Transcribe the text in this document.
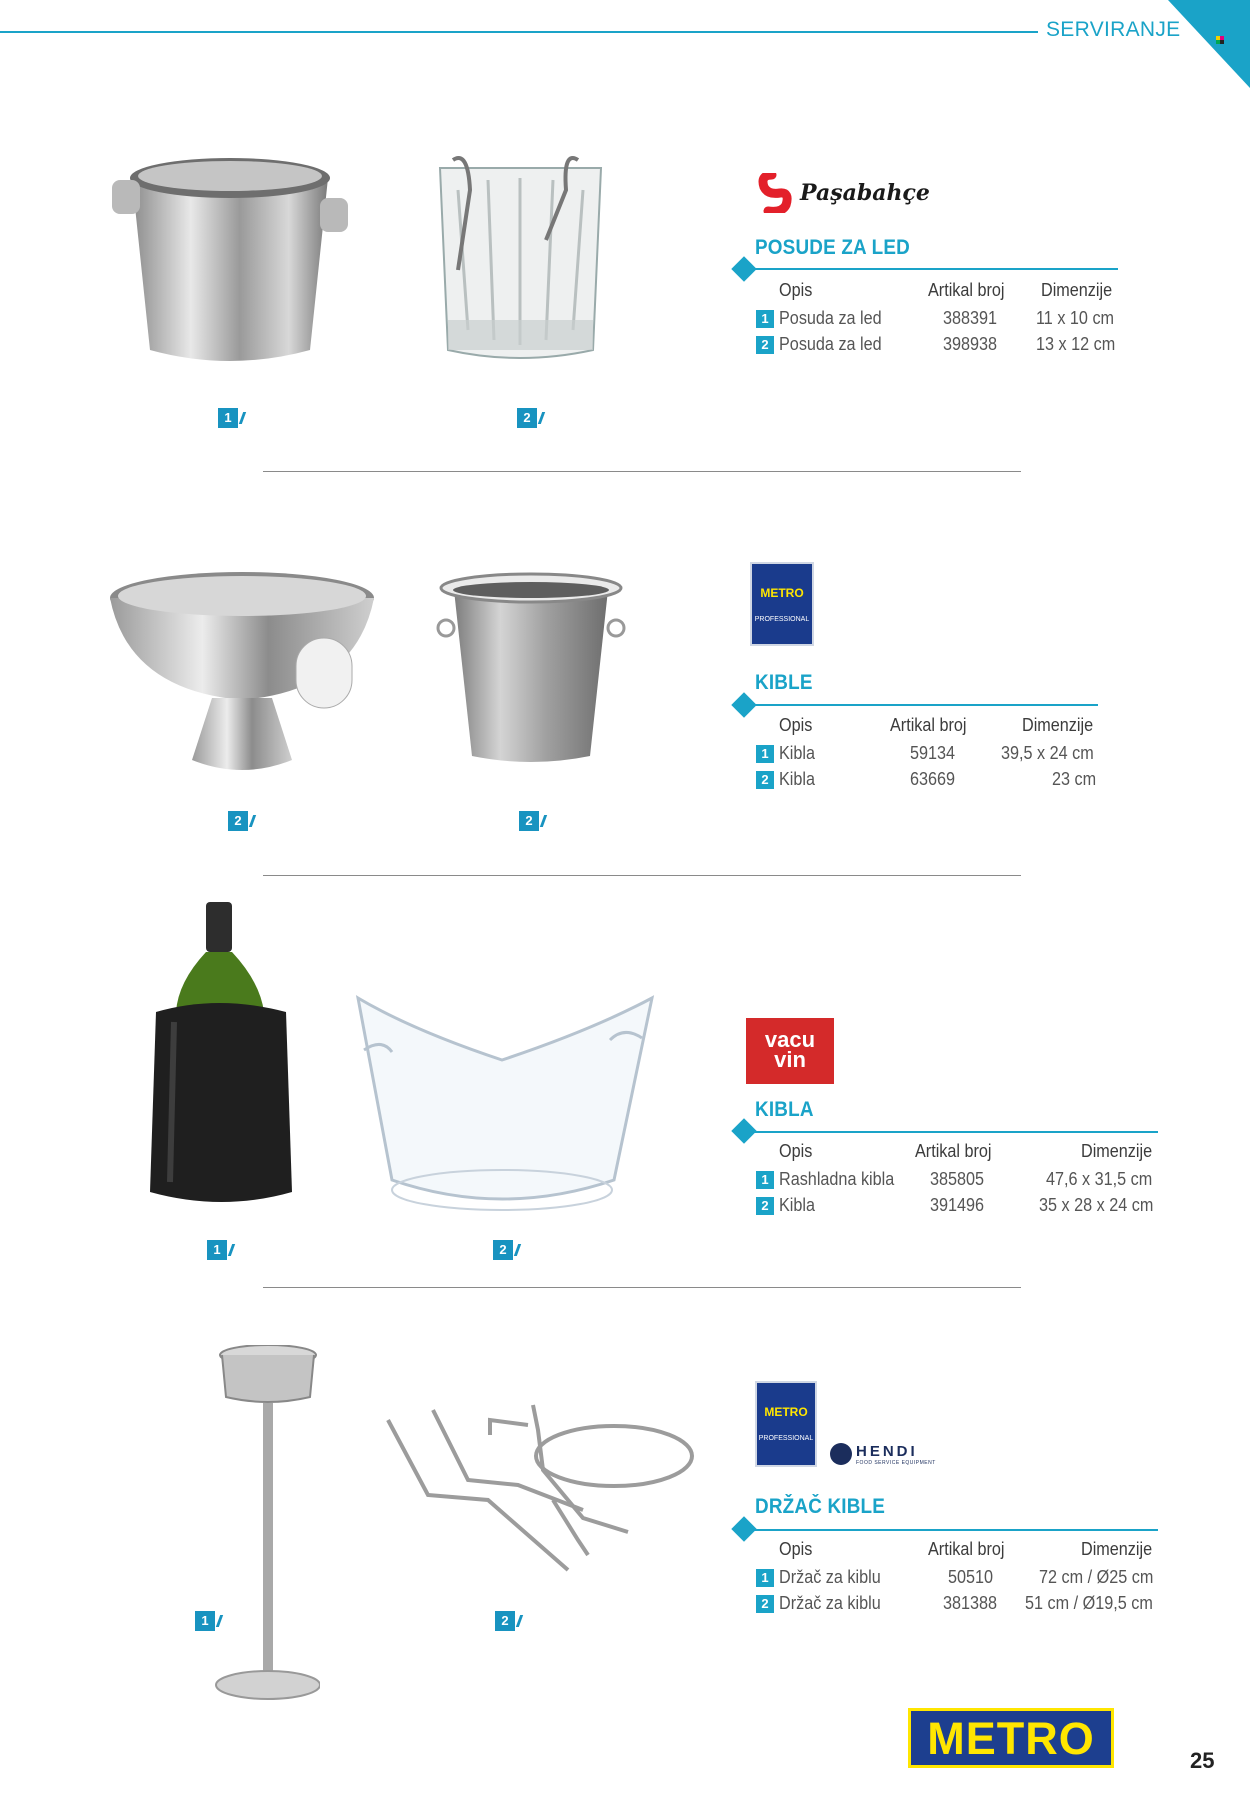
SERVIRANJE
Paşabahçe
POSUDE ZA LED
Opis	Artikal broj Dimenzije
1 Posuda za led	388391 11 x 10 cm
2 Posuda za led	398938 13 x 12 cm
1	2
METRO
PROFESSIONAL
KIBLE
Opis	Artikal broj	Dimenzije
1 Kibla	59134	39,5 x 24 cm
2 Kibla	63669	23 cm
2	2
vacu vin
KIBLA
Opis	Artikal broj	Dimenzije
1 Rashladna kibla 385805	47,6 x 31,5 cm
2 Kibla	391496	35 x 28 x 24 cm
1	2
METRO
PROFESSIONAL
HENDI
FOOD SERVICE EQUIPMENT
DRŽAČ KIBLE
Opis	Artikal broj	Dimenzije
1 Držač za kiblu	50510	72 cm / Ø25 cm
2 Držač za kiblu	381388 51 cm / Ø19,5 cm
1	2
METRO	25
